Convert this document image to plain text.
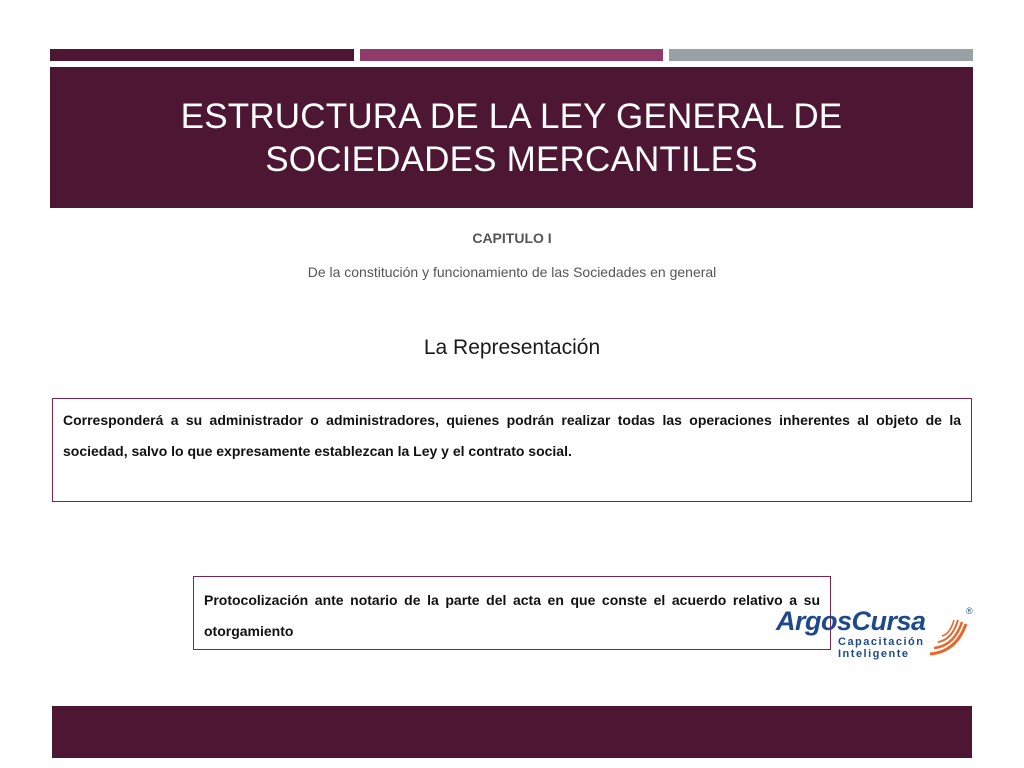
ESTRUCTURA DE LA LEY GENERAL DE SOCIEDADES MERCANTILES
CAPITULO I
De la constitución y funcionamiento de las Sociedades en general
La Representación
Corresponderá a su administrador o administradores, quienes podrán realizar todas las operaciones inherentes al objeto de la sociedad, salvo lo que expresamente establezcan la Ley y el contrato social.
Protocolización ante notario de la parte del acta en que conste el acuerdo relativo a su otorgamiento	ArgosCursa	®
Capacitación
Inteligente
